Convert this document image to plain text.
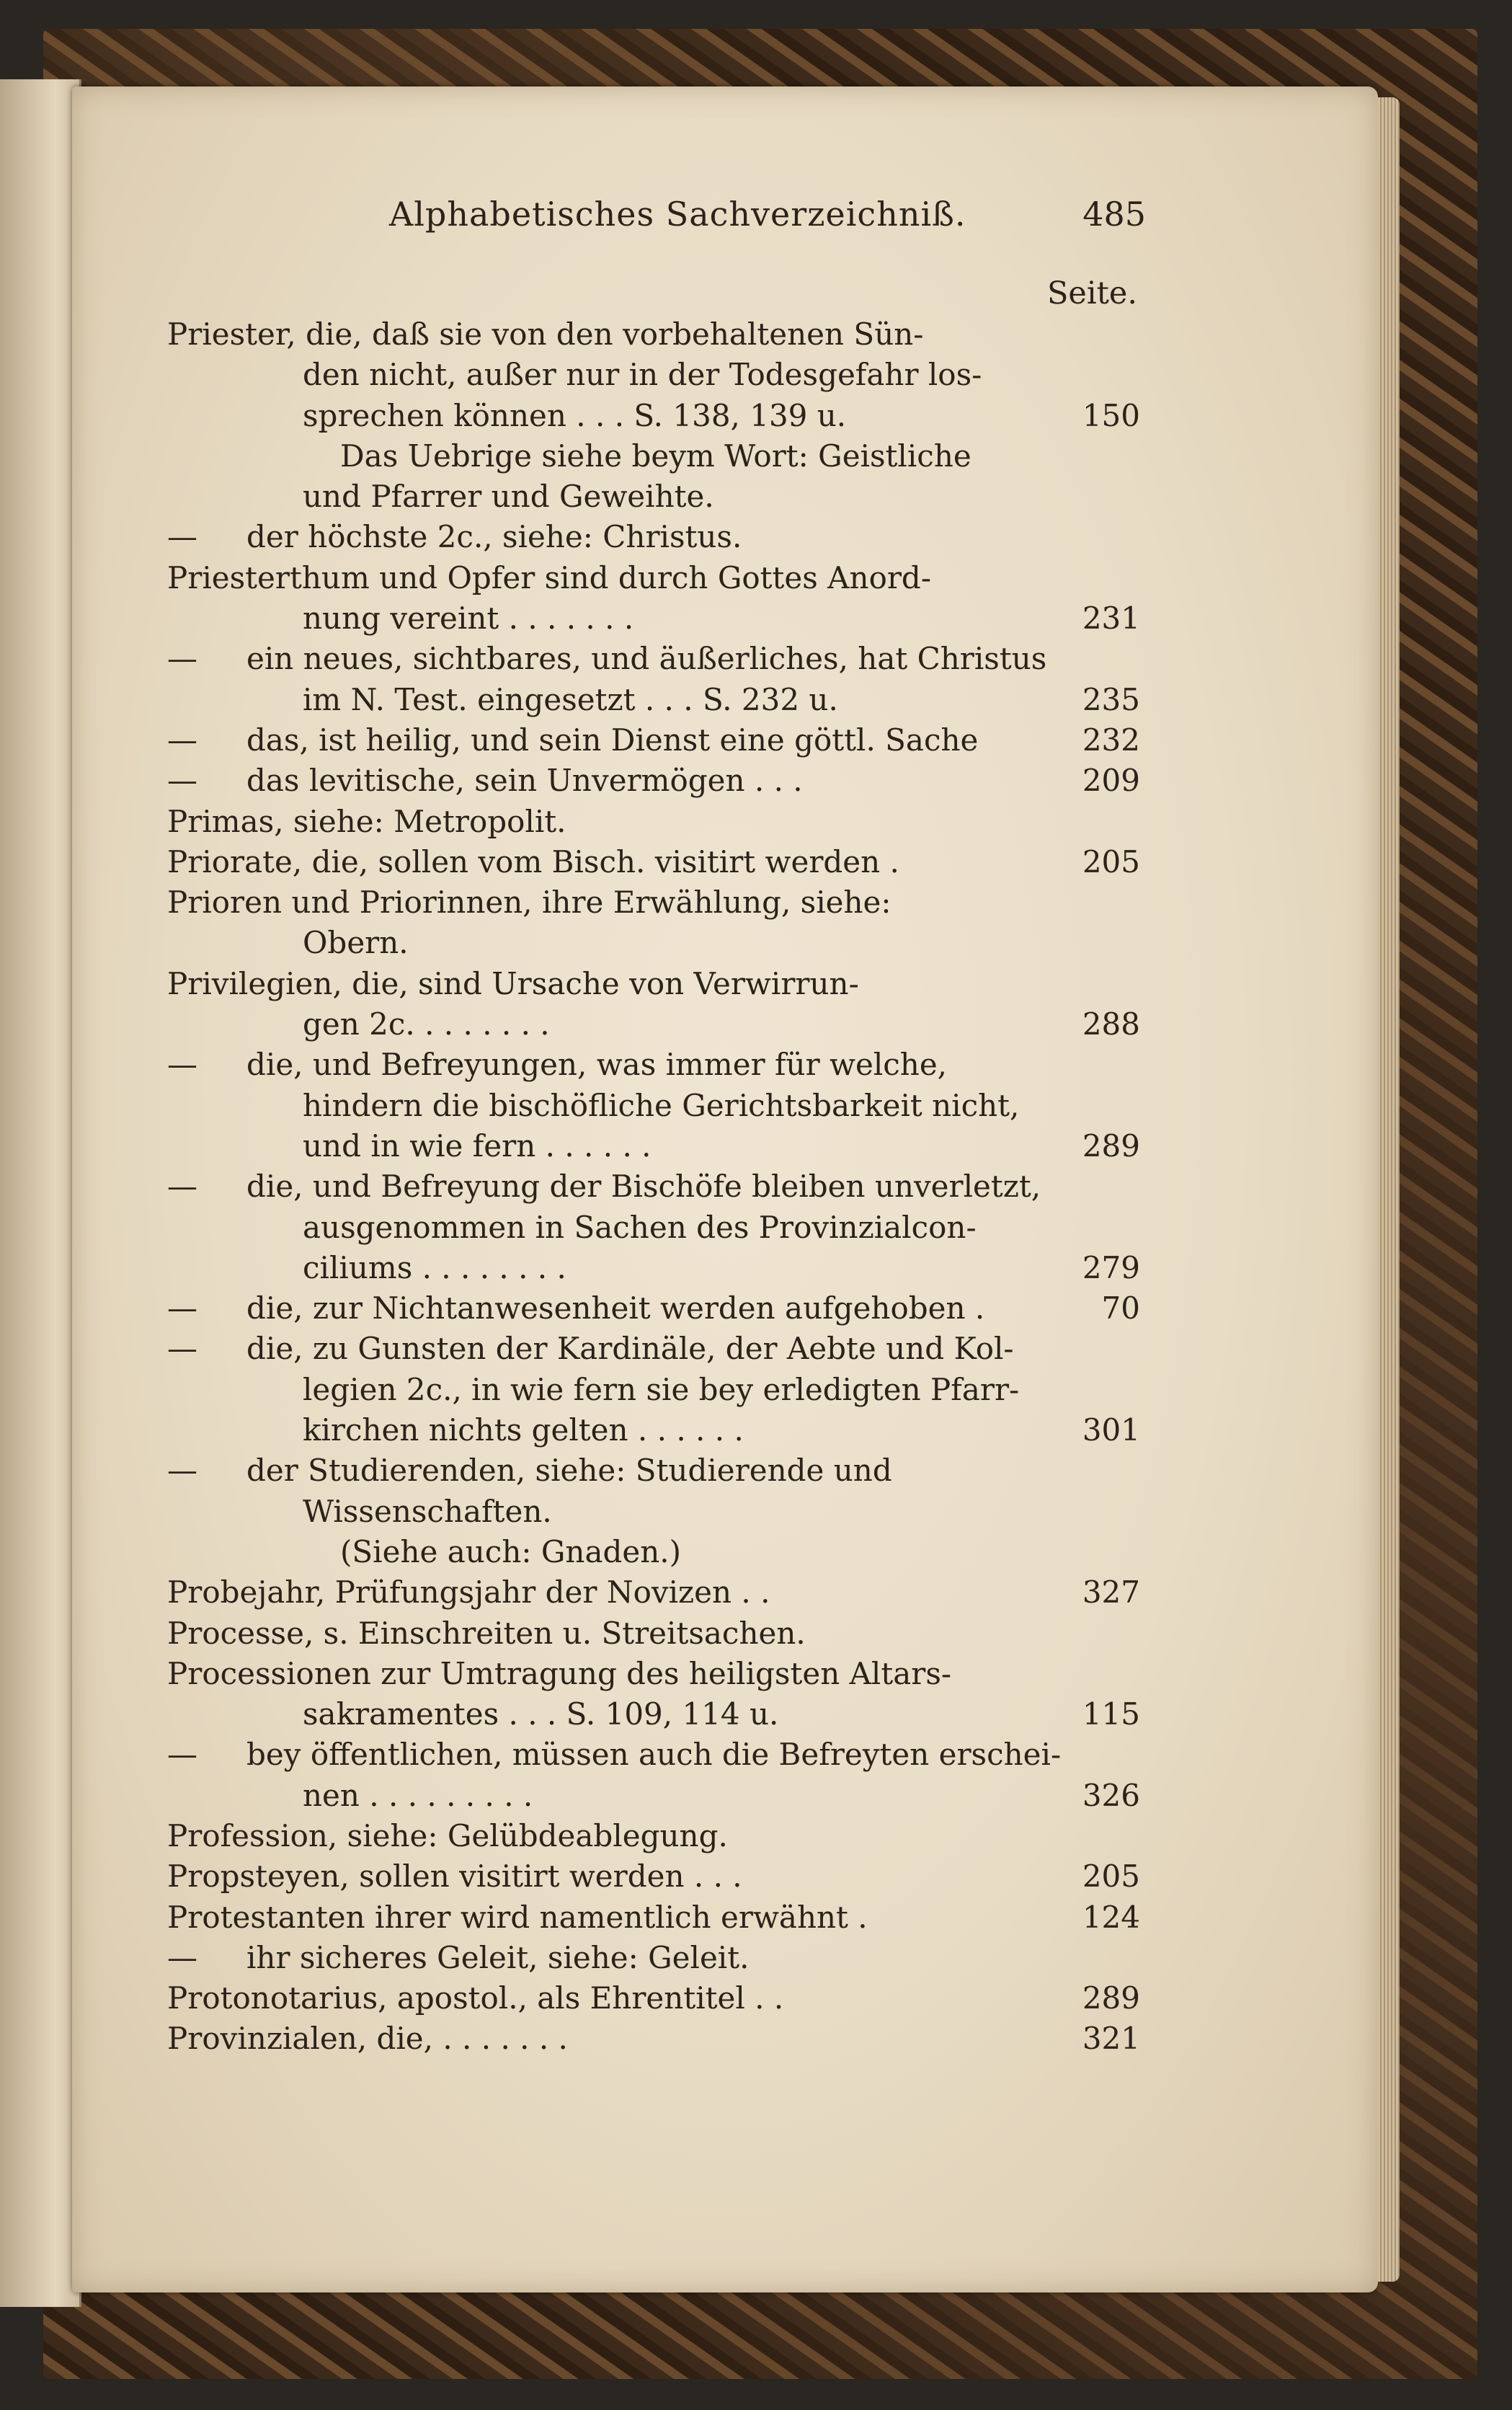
Alphabetisches Sachverzeichniß.	485
Seite.
Priester, die, daß sie von den vorbehaltenen Sün-
den nicht, außer nur in der Todesgefahr los-
sprechen können . . . S. 138, 139 u.	150
Das Uebrige siehe beym Wort: Geistliche
und Pfarrer und Geweihte.
—	der höchste 2c., siehe: Christus.
Priesterthum und Opfer sind durch Gottes Anord-
nung vereint . . . . . . .	231
—	ein neues, sichtbares, und äußerliches, hat Christus
im N. Test. eingesetzt . . . S. 232 u.	235
—	das, ist heilig, und sein Dienst eine göttl. Sache	232
—	das levitische, sein Unvermögen . . .	209
Primas, siehe: Metropolit.
Priorate, die, sollen vom Bisch. visitirt werden .	205
Prioren und Priorinnen, ihre Erwählung, siehe:
Obern.
Privilegien, die, sind Ursache von Verwirrun-
gen 2c. . . . . . . .	288
—	die, und Befreyungen, was immer für welche,
hindern die bischöfliche Gerichtsbarkeit nicht,
und in wie fern . . . . . .	289
—	die, und Befreyung der Bischöfe bleiben unverletzt,
ausgenommen in Sachen des Provinzialcon-
ciliums . . . . . . . .	279
—	die, zur Nichtanwesenheit werden aufgehoben .	70
—	die, zu Gunsten der Kardinäle, der Aebte und Kol-
legien 2c., in wie fern sie bey erledigten Pfarr-
kirchen nichts gelten . . . . . .	301
—	der Studierenden, siehe: Studierende und
Wissenschaften.
(Siehe auch: Gnaden.)
Probejahr, Prüfungsjahr der Novizen . .	327
Processe, s. Einschreiten u. Streitsachen.
Processionen zur Umtragung des heiligsten Altars-
sakramentes . . . S. 109, 114 u.	115
—	bey öffentlichen, müssen auch die Befreyten erschei-
nen . . . . . . . . .	326
Profession, siehe: Gelübdeablegung.
Propsteyen, sollen visitirt werden . . .	205
Protestanten ihrer wird namentlich erwähnt .	124
—	ihr sicheres Geleit, siehe: Geleit.
Protonotarius, apostol., als Ehrentitel . .	289
Provinzialen, die, . . . . . . .	321
